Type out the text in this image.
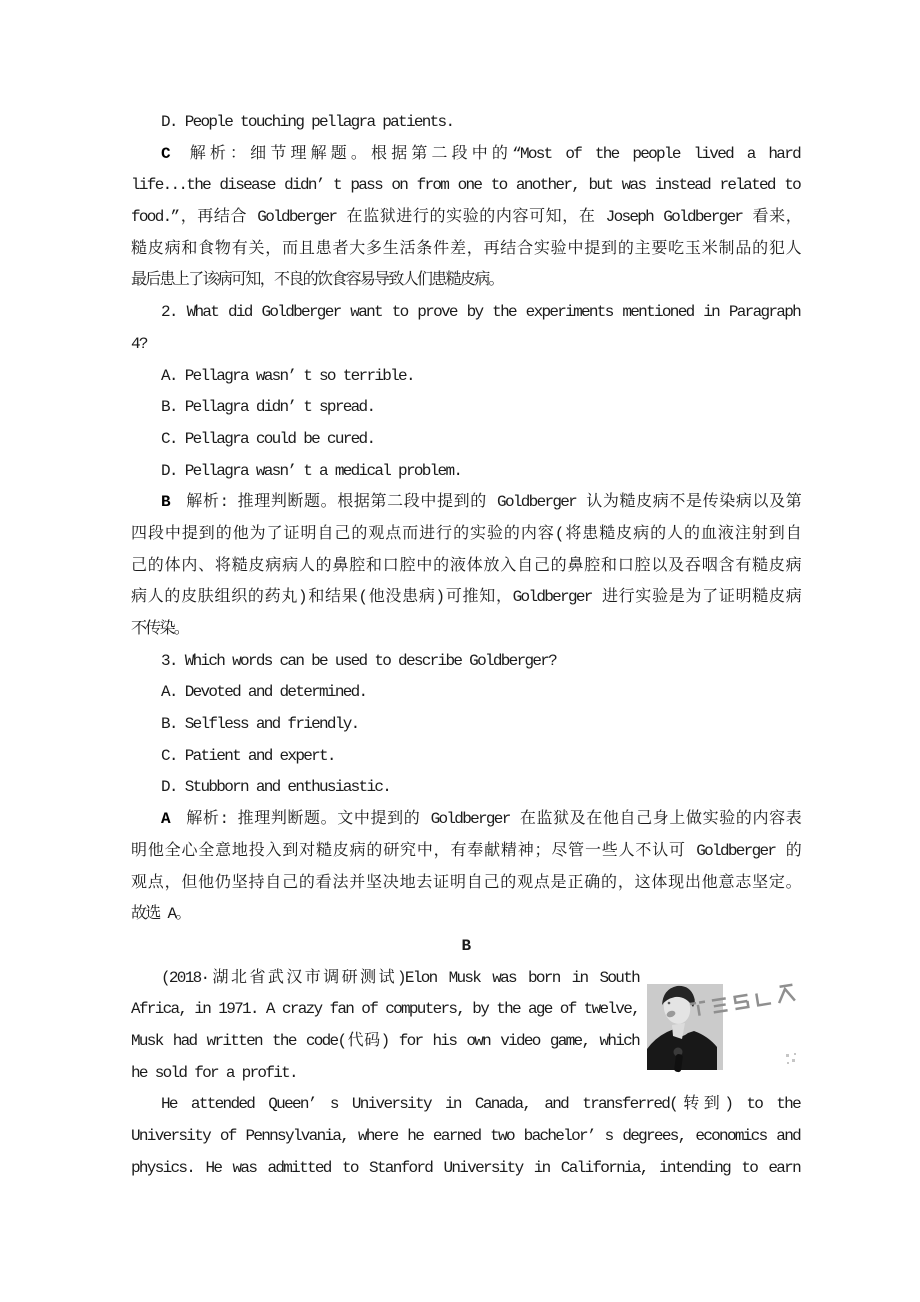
D. People touching pellagra patients.
C 解析：细节理解题。根据第二段中的“Most of the people lived a hard
life...the disease didn’ t pass on from one to another, but was instead related to
food.”，再结合 Goldberger 在监狱进行的实验的内容可知，在 Joseph Goldberger 看来，
糙皮病和食物有关，而且患者大多生活条件差，再结合实验中提到的主要吃玉米制品的犯人
最后患上了该病可知，不良的饮食容易导致人们患糙皮病。
2. What did Goldberger want to prove by the experiments mentioned in Paragraph
4?
A. Pellagra wasn’ t so terrible.
B. Pellagra didn’ t spread.
C. Pellagra could be cured.
D. Pellagra wasn’ t a medical problem.
B 解析: 推理判断题。根据第二段中提到的 Goldberger 认为糙皮病不是传染病以及第
四段中提到的他为了证明自己的观点而进行的实验的内容(将患糙皮病的人的血液注射到自
己的体内、将糙皮病病人的鼻腔和口腔中的液体放入自己的鼻腔和口腔以及吞咽含有糙皮病
病人的皮肤组织的药丸)和结果(他没患病)可推知，Goldberger 进行实验是为了证明糙皮病
不传染。
3. Which words can be used to describe Goldberger?
A. Devoted and determined.
B. Selfless and friendly.
C. Patient and expert.
D. Stubborn and enthusiastic.
A 解析: 推理判断题。文中提到的 Goldberger 在监狱及在他自己身上做实验的内容表
明他全心全意地投入到对糙皮病的研究中，有奉献精神；尽管一些人不认可 Goldberger 的
观点，但他仍坚持自己的看法并坚决地去证明自己的观点是正确的，这体现出他意志坚定。
故选 A。
B
(2018·湖北省武汉市调研测试)Elon Musk was born in South
Africa, in 1971. A crazy fan of computers, by the age of twelve,
Musk had written the code(代码) for his own video game, which
he sold for a profit.
He attended Queen’ s University in Canada, and transferred(转到) to the
University of Pennsylvania, where he earned two bachelor’ s degrees, economics and
physics. He was admitted to Stanford University in California, intending to earn
